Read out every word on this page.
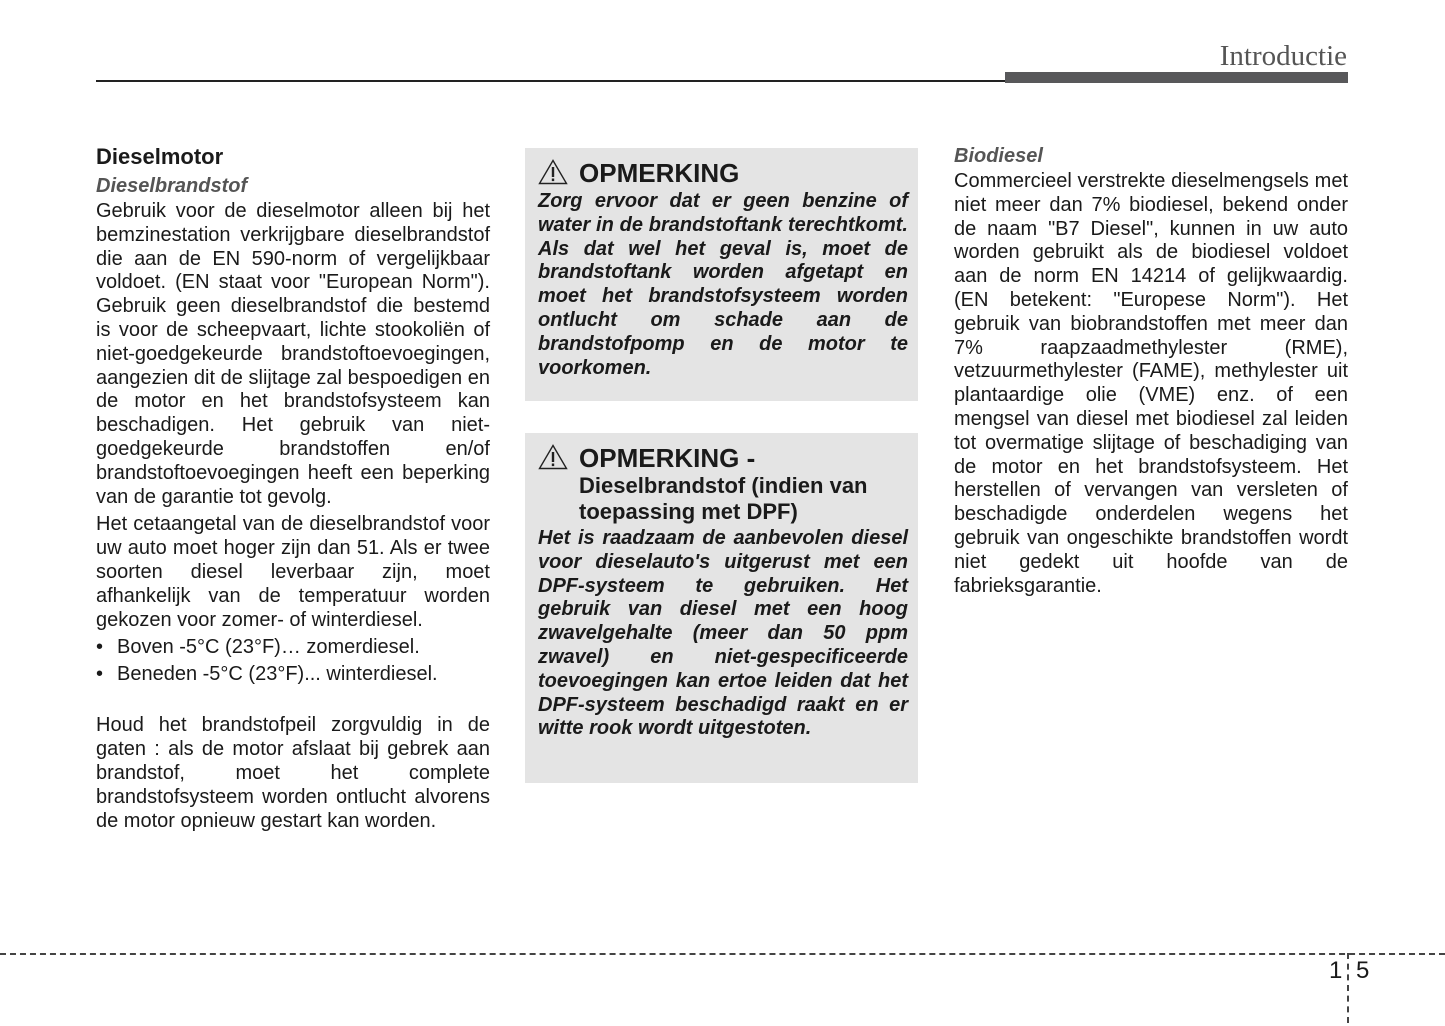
Introductie
Dieselmotor
Dieselbrandstof

Gebruik voor de dieselmotor alleen bij het bemzinestation verkrijgbare dieselbrandstof die aan de EN 590-norm of vergelijkbaar voldoet. (EN staat voor "European Norm"). Gebruik geen dieselbrandstof die bestemd is voor de scheepvaart, lichte stookoliën of niet-goedgekeurde brandstoftoevoegingen, aangezien dit de slijtage zal bespoedigen en de motor en het brandstofsysteem kan beschadigen. Het gebruik van niet-goedgekeurde brandstoffen en/of brandstoftoevoegingen heeft een beperking van de garantie tot gevolg.

Het cetaangetal van de dieselbrandstof voor uw auto moet hoger zijn dan 51. Als er twee soorten diesel leverbaar zijn, moet afhankelijk van de temperatuur worden gekozen voor zomer- of winterdiesel.

• Boven -5°C (23°F)… zomerdiesel.
• Beneden -5°C (23°F)... winterdiesel.

Houd het brandstofpeil zorgvuldig in de gaten : als de motor afslaat bij gebrek aan brandstof, moet het complete brandstofsysteem worden ontlucht alvorens de motor opnieuw gestart kan worden.

OPMERKING
Zorg ervoor dat er geen benzine of water in de brandstoftank terechtkomt. Als dat wel het geval is, moet de brandstoftank worden afgetapt en moet het brandstofsysteem worden ontlucht om schade aan de brandstofpomp en de motor te voorkomen.
OPMERKING -
Dieselbrandstof (indien van toepassing met DPF)
Het is raadzaam de aanbevolen diesel voor dieselauto's uitgerust met een DPF-systeem te gebruiken. Het gebruik van diesel met een hoog zwavelgehalte (meer dan 50 ppm zwavel) en niet-gespecificeerde toevoegingen kan ertoe leiden dat het DPF-systeem beschadigd raakt en er witte rook wordt uitgestoten.
Biodiesel

Commercieel verstrekte dieselmengsels met niet meer dan 7% biodiesel, bekend onder de naam "B7 Diesel", kunnen in uw auto worden gebruikt als de biodiesel voldoet aan de norm EN 14214 of gelijkwaardig. (EN betekent: "Europese Norm"). Het gebruik van biobrandstoffen met meer dan 7% raapzaadmethylester (RME), vetzuurmethylester (FAME), methylester uit plantaardige olie (VME) enz. of een mengsel van diesel met biodiesel zal leiden tot overmatige slijtage of beschadiging van de motor en het brandstofsysteem. Het herstellen of vervangen van versleten of beschadigde onderdelen wegens het gebruik van ongeschikte brandstoffen wordt niet gedekt uit hoofde van de fabrieksgarantie.

1 5
